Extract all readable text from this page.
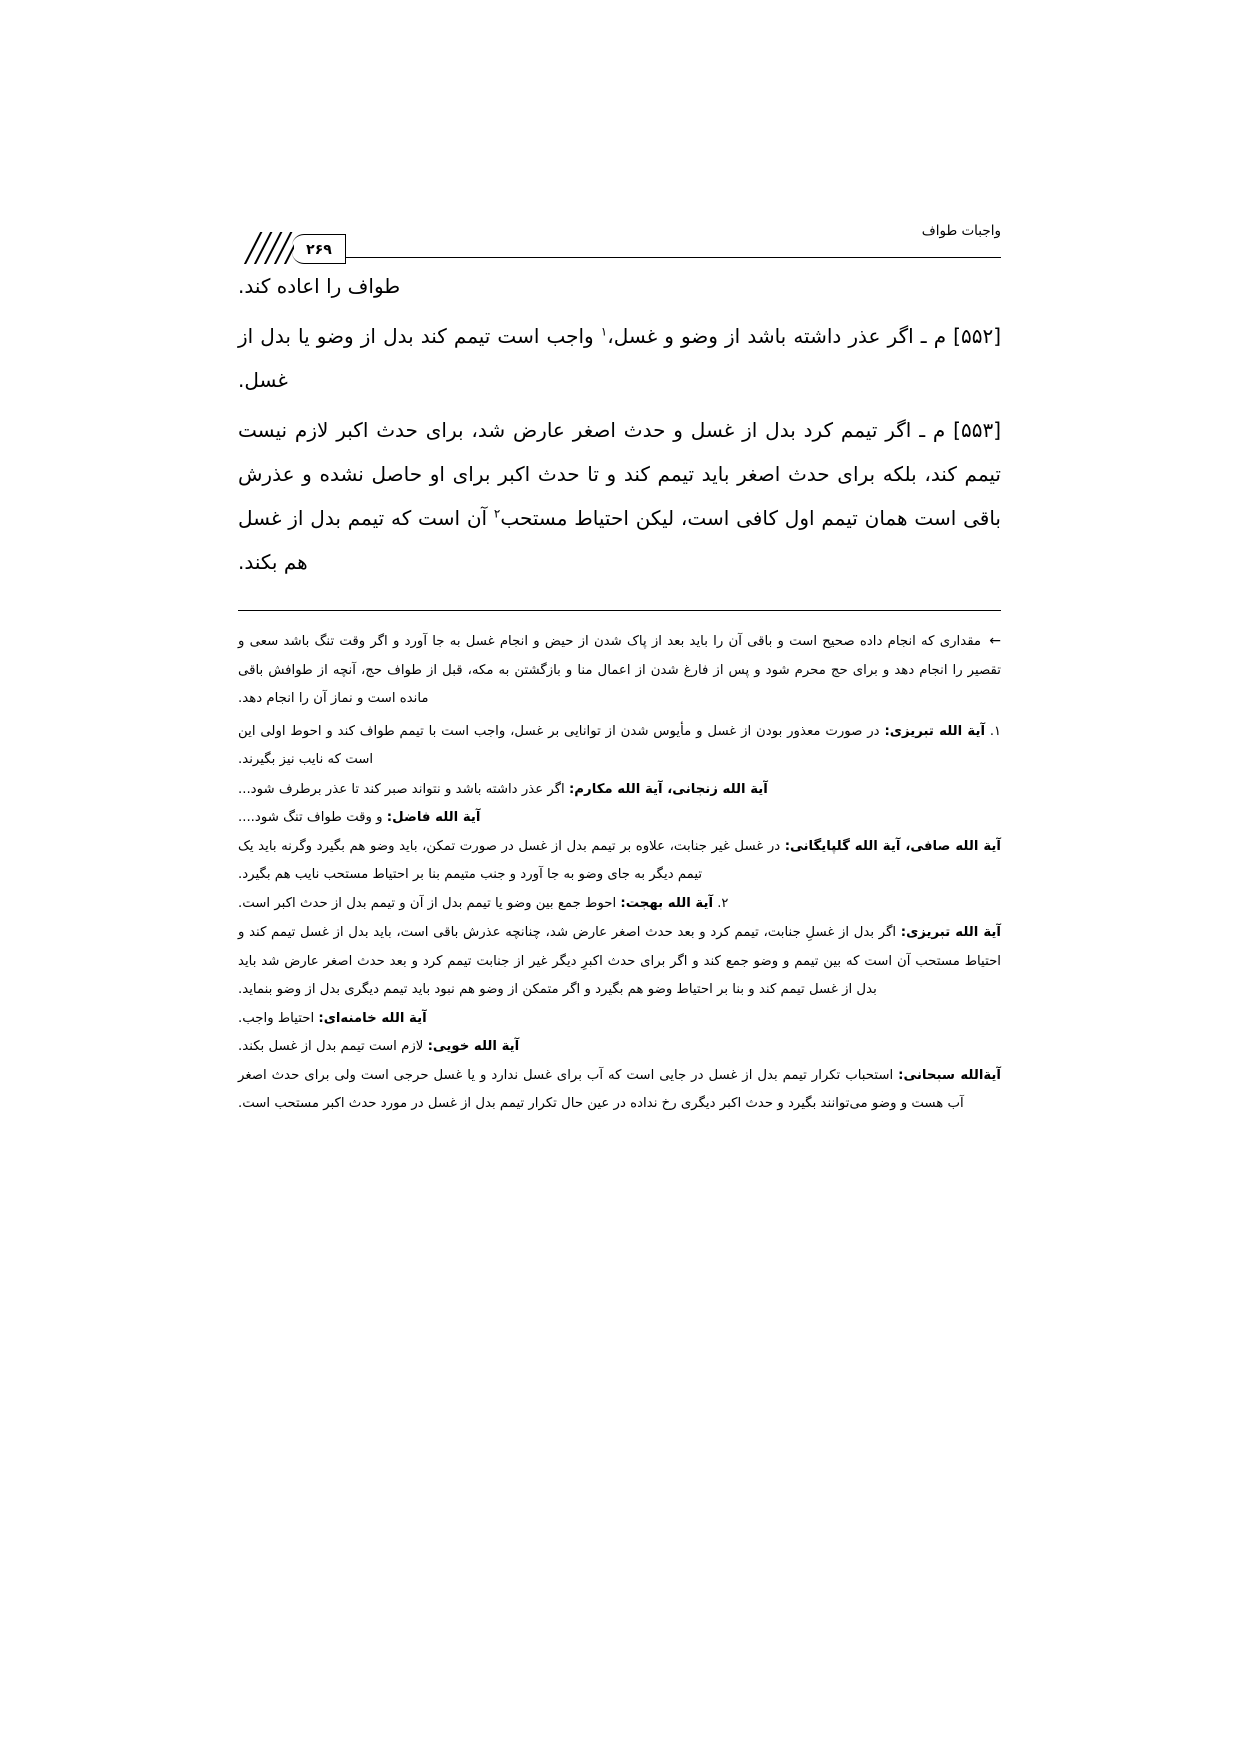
واجبات طواف
۲۶۹

طواف را اعاده کند.

[۵۵۲] م ـ اگر عذر داشته باشد از وضو و غسل،$^۱$ واجب است تیمم کند بدل از وضو یا بدل از غسل.

[۵۵۳] م ـ اگر تیمم کرد بدل از غسل و حدث اصغر عارض شد، برای حدث اکبر لازم نیست تیمم کند، بلکه برای حدث اصغر باید تیمم کند و تا حدث اکبر برای او حاصل نشده و عذرش باقی است همان تیمم اول کافی است، لیکن احتیاط مستحب$^۲$ آن است که تیمم بدل از غسل هم بکند.

← مقداری که انجام داده صحیح است و باقی آن را باید بعد از پاک شدن از حیض و انجام غسل به جا آورد و اگر وقت تنگ باشد سعی و تقصیر را انجام دهد و برای حج محرم شود و پس از فارغ شدن از اعمال منا و بازگشتن به مکه، قبل از طواف حج، آنچه از طوافش باقی مانده است و نماز آن را انجام دهد.

۱. آیة الله تبریزی: در صورت معذور بودن از غسل و مأیوس شدن از توانایی بر غسل، واجب است با تیمم طواف کند و احوط اولی این است که نایب نیز بگیرند.

آیة الله زنجانی، آیة الله مکارم: اگر عذر داشته باشد و نتواند صبر کند تا عذر برطرف شود...

آیة الله فاضل: و وقت طواف تنگ شود....

آیة الله صافی، آیة الله گلپایگانی: در غسل غیر جنابت، علاوه بر تیمم بدل از غسل در صورت تمکن، باید وضو هم بگیرد وگرنه باید یک تیمم دیگر به جای وضو به جا آورد و جنب متیمم بنا بر احتیاط مستحب نایب هم بگیرد.

۲. آیة الله بهجت: احوط جمع بین وضو یا تیمم بدل از آن و تیمم بدل از حدث اکبر است.

آیة الله تبریزی: اگر بدل از غسلِ جنابت، تیمم کرد و بعد حدث اصغر عارض شد، چنانچه عذرش باقی است، باید بدل از غسل تیمم کند و احتیاط مستحب آن است که بین تیمم و وضو جمع کند و اگر برای حدث اکبرِ دیگر غیر از جنابت تیمم کرد و بعد حدث اصغر عارض شد باید بدل از غسل تیمم کند و بنا بر احتیاط وضو هم بگیرد و اگر متمکن از وضو هم نبود باید تیمم دیگری بدل از وضو بنماید.

آیة الله خامنه‌ای: احتیاط واجب.

آیة الله خویی: لازم است تیمم بدل از غسل بکند.

آیةالله سبحانی: استحباب تکرار تیمم بدل از غسل در جایی است که آب برای غسل ندارد و یا غسل حرجی است ولی برای حدث اصغر آب هست و وضو می‌توانند بگیرد و حدث اکبر دیگری رخ نداده در عین حال تکرار تیمم بدل از غسل در مورد حدث اکبر مستحب است.
